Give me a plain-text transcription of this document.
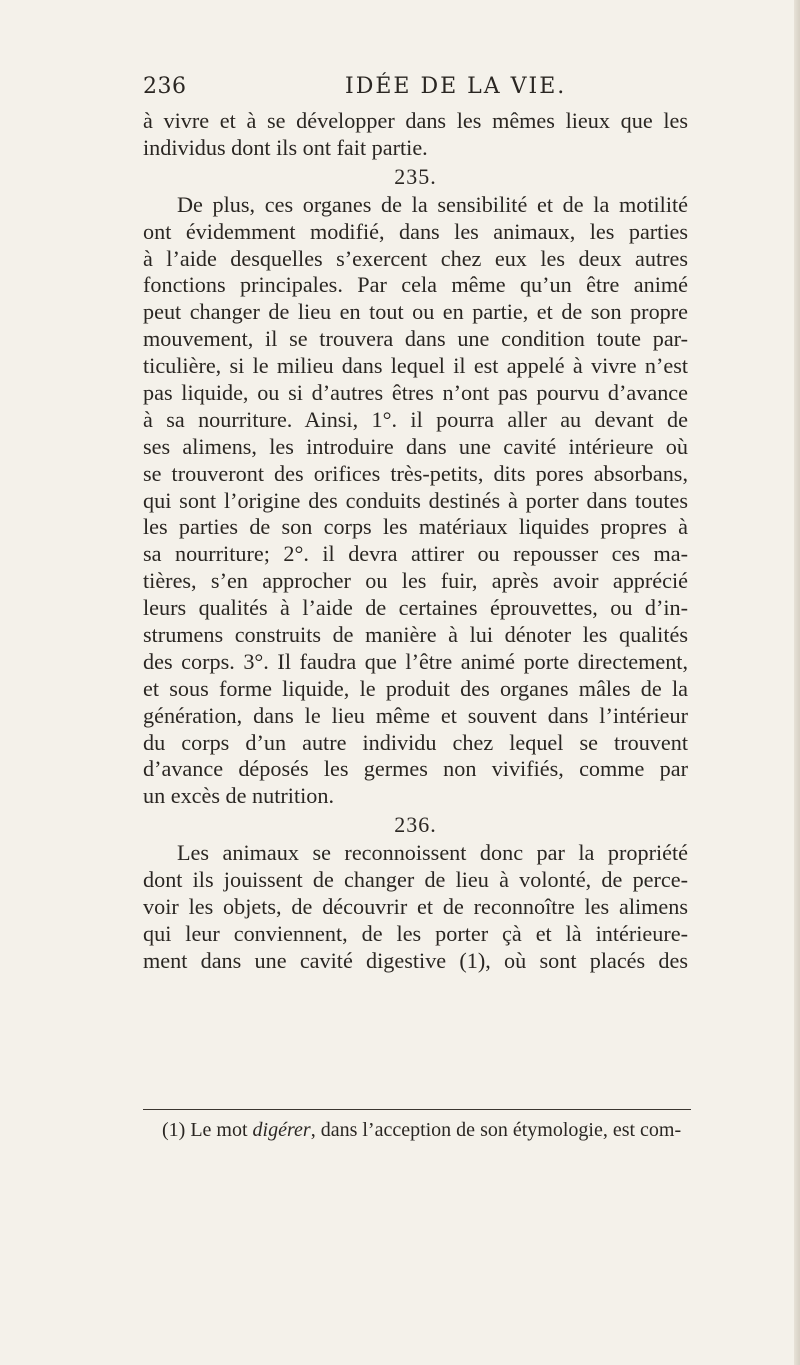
236	IDÉE DE LA VIE.
à vivre et à se développer dans les mêmes lieux que les
individus dont ils ont fait partie.
235.
De plus, ces organes de la sensibilité et de la motilité
ont évidemment modifié, dans les animaux, les parties
à l’aide desquelles s’exercent chez eux les deux autres
fonctions principales. Par cela même qu’un être animé
peut changer de lieu en tout ou en partie, et de son propre
mouvement, il se trouvera dans une condition toute par-
ticulière, si le milieu dans lequel il est appelé à vivre n’est
pas liquide, ou si d’autres êtres n’ont pas pourvu d’avance
à sa nourriture. Ainsi, 1°. il pourra aller au devant de
ses alimens, les introduire dans une cavité intérieure où
se trouveront des orifices très-petits, dits pores absorbans,
qui sont l’origine des conduits destinés à porter dans toutes
les parties de son corps les matériaux liquides propres à
sa nourriture; 2°. il devra attirer ou repousser ces ma-
tières, s’en approcher ou les fuir, après avoir apprécié
leurs qualités à l’aide de certaines éprouvettes, ou d’in-
strumens construits de manière à lui dénoter les qualités
des corps. 3°. Il faudra que l’être animé porte directement,
et sous forme liquide, le produit des organes mâles de la
génération, dans le lieu même et souvent dans l’intérieur
du corps d’un autre individu chez lequel se trouvent
d’avance déposés les germes non vivifiés, comme par
un excès de nutrition.
236.
Les animaux se reconnoissent donc par la propriété
dont ils jouissent de changer de lieu à volonté, de perce-
voir les objets, de découvrir et de reconnoître les alimens
qui leur conviennent, de les porter çà et là intérieure-
ment dans une cavité digestive (1), où sont placés des
(1) Le mot digérer, dans l’acception de son étymologie, est com-
